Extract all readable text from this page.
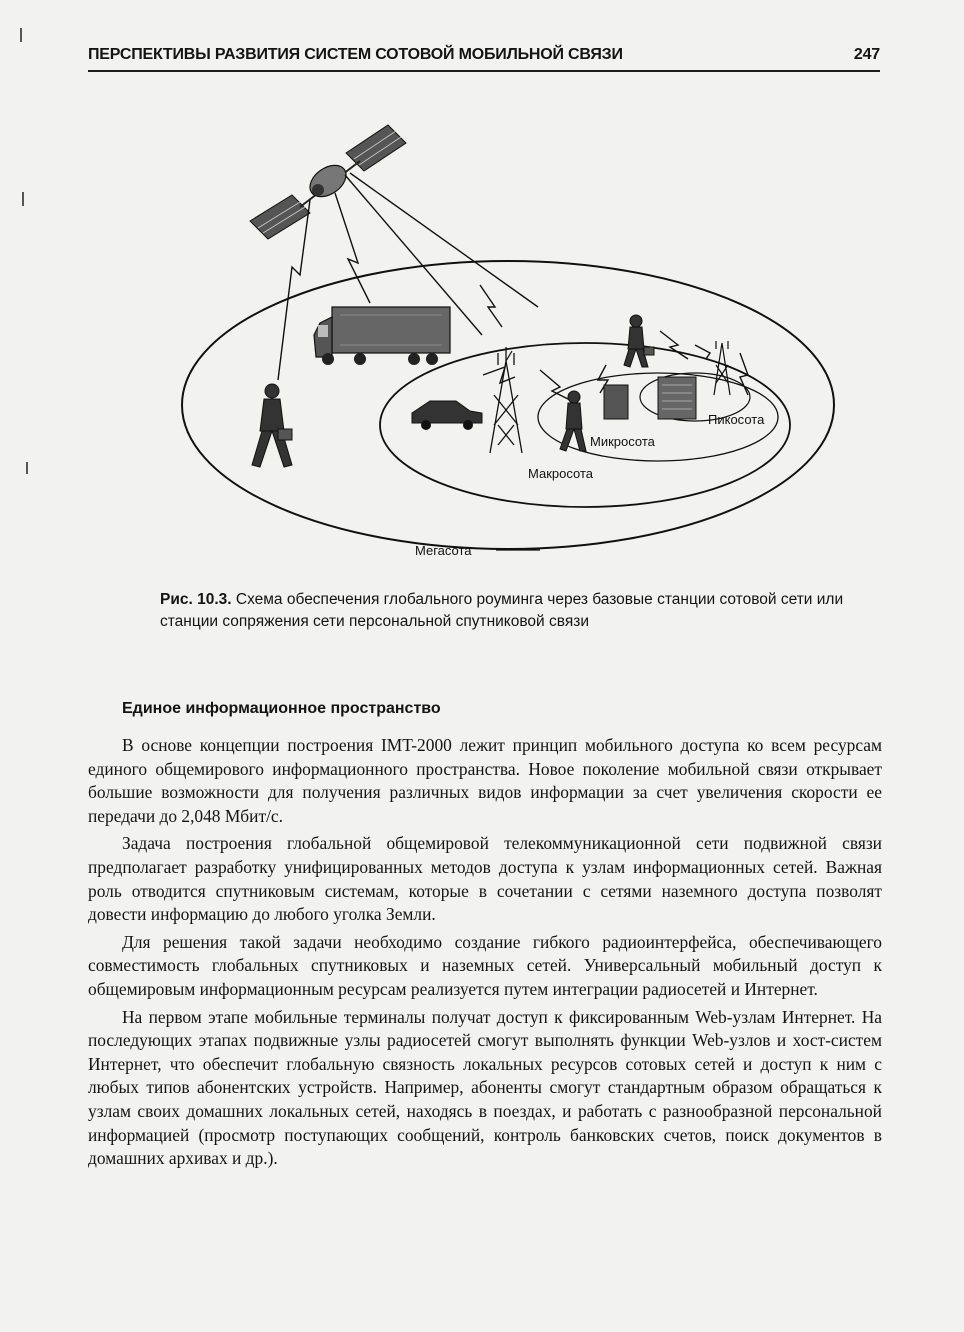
ПЕРСПЕКТИВЫ РАЗВИТИЯ СИСТЕМ СОТОВОЙ МОБИЛЬНОЙ СВЯЗИ	247
Мегасота
Макросота
Микросота
Пикосота
Рис. 10.3. Схема обеспечения глобального роуминга через базовые станции сотовой сети или станции сопряжения сети персональной спутниковой связи
Единое информационное пространство

В основе концепции построения IMT-2000 лежит принцип мобильного доступа ко всем ресурсам единого общемирового информационного пространства. Новое поколение мобильной связи открывает большие возможности для получения различных видов информации за счет увеличения скорости ее передачи до 2,048 Мбит/с.

Задача построения глобальной общемировой телекоммуникационной сети подвижной связи предполагает разработку унифицированных методов доступа к узлам информационных сетей. Важная роль отводится спутниковым системам, которые в сочетании с сетями наземного доступа позволят довести информацию до любого уголка Земли.

Для решения такой задачи необходимо создание гибкого радиоинтерфейса, обеспечивающего совместимость глобальных спутниковых и наземных сетей. Универсальный мобильный доступ к общемировым информационным ресурсам реализуется путем интеграции радиосетей и Интернет.

На первом этапе мобильные терминалы получат доступ к фиксированным Web-узлам Интернет. На последующих этапах подвижные узлы радиосетей смогут выполнять функции Web-узлов и хост-систем Интернет, что обеспечит глобальную связность локальных ресурсов сотовых сетей и доступ к ним с любых типов абонентских устройств. Например, абоненты смогут стандартным образом обращаться к узлам своих домашних локальных сетей, находясь в поездах, и работать с разнообразной персональной информацией (просмотр поступающих сообщений, контроль банковских счетов, поиск документов в домашних архивах и др.).
